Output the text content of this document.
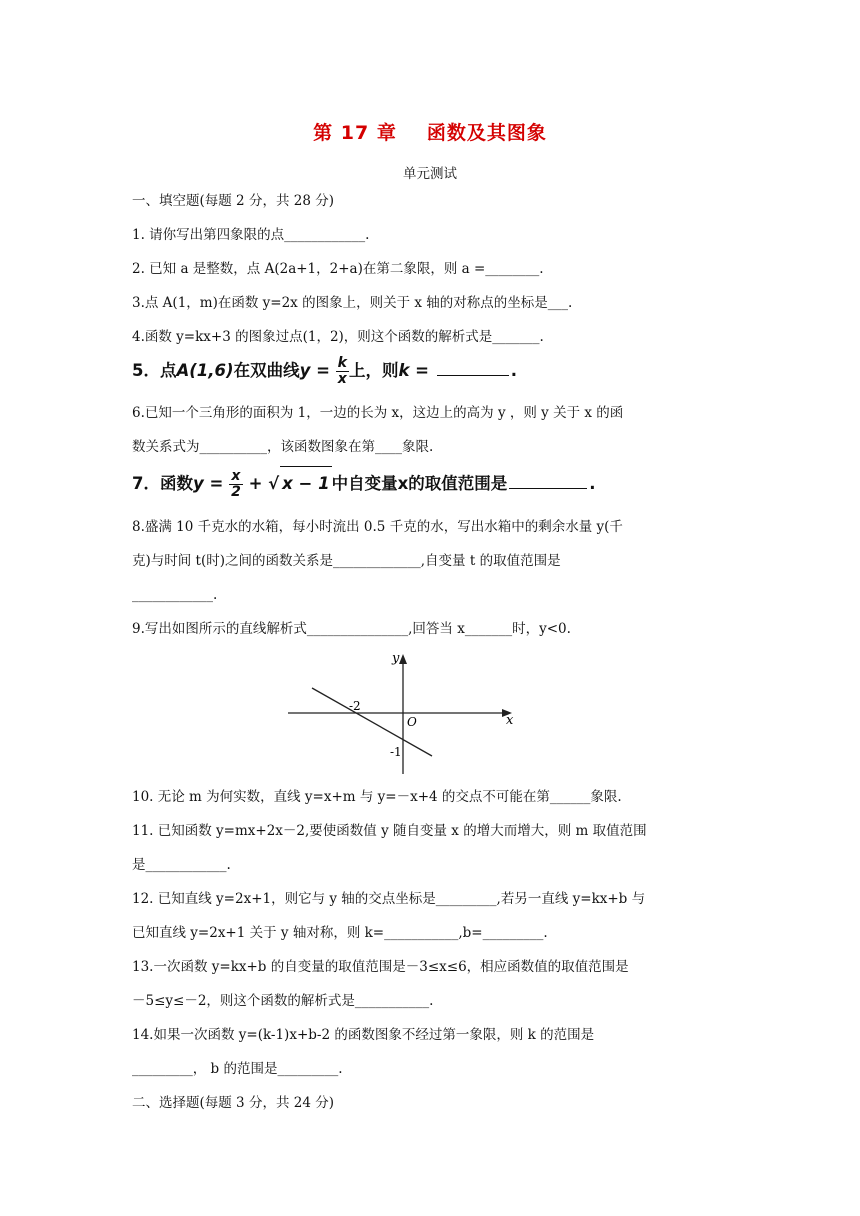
第 17 章 函数及其图象
单元测试
一、填空题(每题 2 分，共 28 分)
1. 请你写出第四象限的点____________.
2. 已知 a 是整数，点 A(2a+1，2+a)在第二象限，则 a =________.
3.点 A(1，m)在函数 y=2x 的图象上，则关于 x 轴的对称点的坐标是___.
4.函数 y=kx+3 的图象过点(1，2)，则这个函数的解析式是_______.
5．点A(1,6)在双曲线$y = \frac{k}{x}$ 上，则k =	.
6.已知一个三角形的面积为 1，一边的长为 x，这边上的高为 y ，则 y 关于 x 的函
数关系式为__________，该函数图象在第____象限.
7．函数$y = \frac{x}{2}$ + √ x − 1 中自变量x的取值范围是	.
8.盛满 10 千克水的水箱，每小时流出 0.5 千克的水，写出水箱中的剩余水量 y(千
克)与时间 t(时)之间的函数关系是_____________,自变量 t 的取值范围是
____________.
9.写出如图所示的直线解析式_______________,回答当 x_______时，y<0.
y
x
O
-2
-1
10. 无论 m 为何实数，直线 y=x+m 与 y=－x+4 的交点不可能在第______象限.
11. 已知函数 y=mx+2x－2,要使函数值 y 随自变量 x 的增大而增大，则 m 取值范围
是____________.
12. 已知直线 y=2x+1，则它与 y 轴的交点坐标是_________,若另一直线 y=kx+b 与
已知直线 y=2x+1 关于 y 轴对称，则 k=___________,b=_________.
13.一次函数 y=kx+b 的自变量的取值范围是－3≤x≤6，相应函数值的取值范围是
－5≤y≤－2，则这个函数的解析式是___________.
14.如果一次函数 y=(k-1)x+b-2 的函数图象不经过第一象限，则 k 的范围是
_________， b 的范围是_________.
二、选择题(每题 3 分，共 24 分)
